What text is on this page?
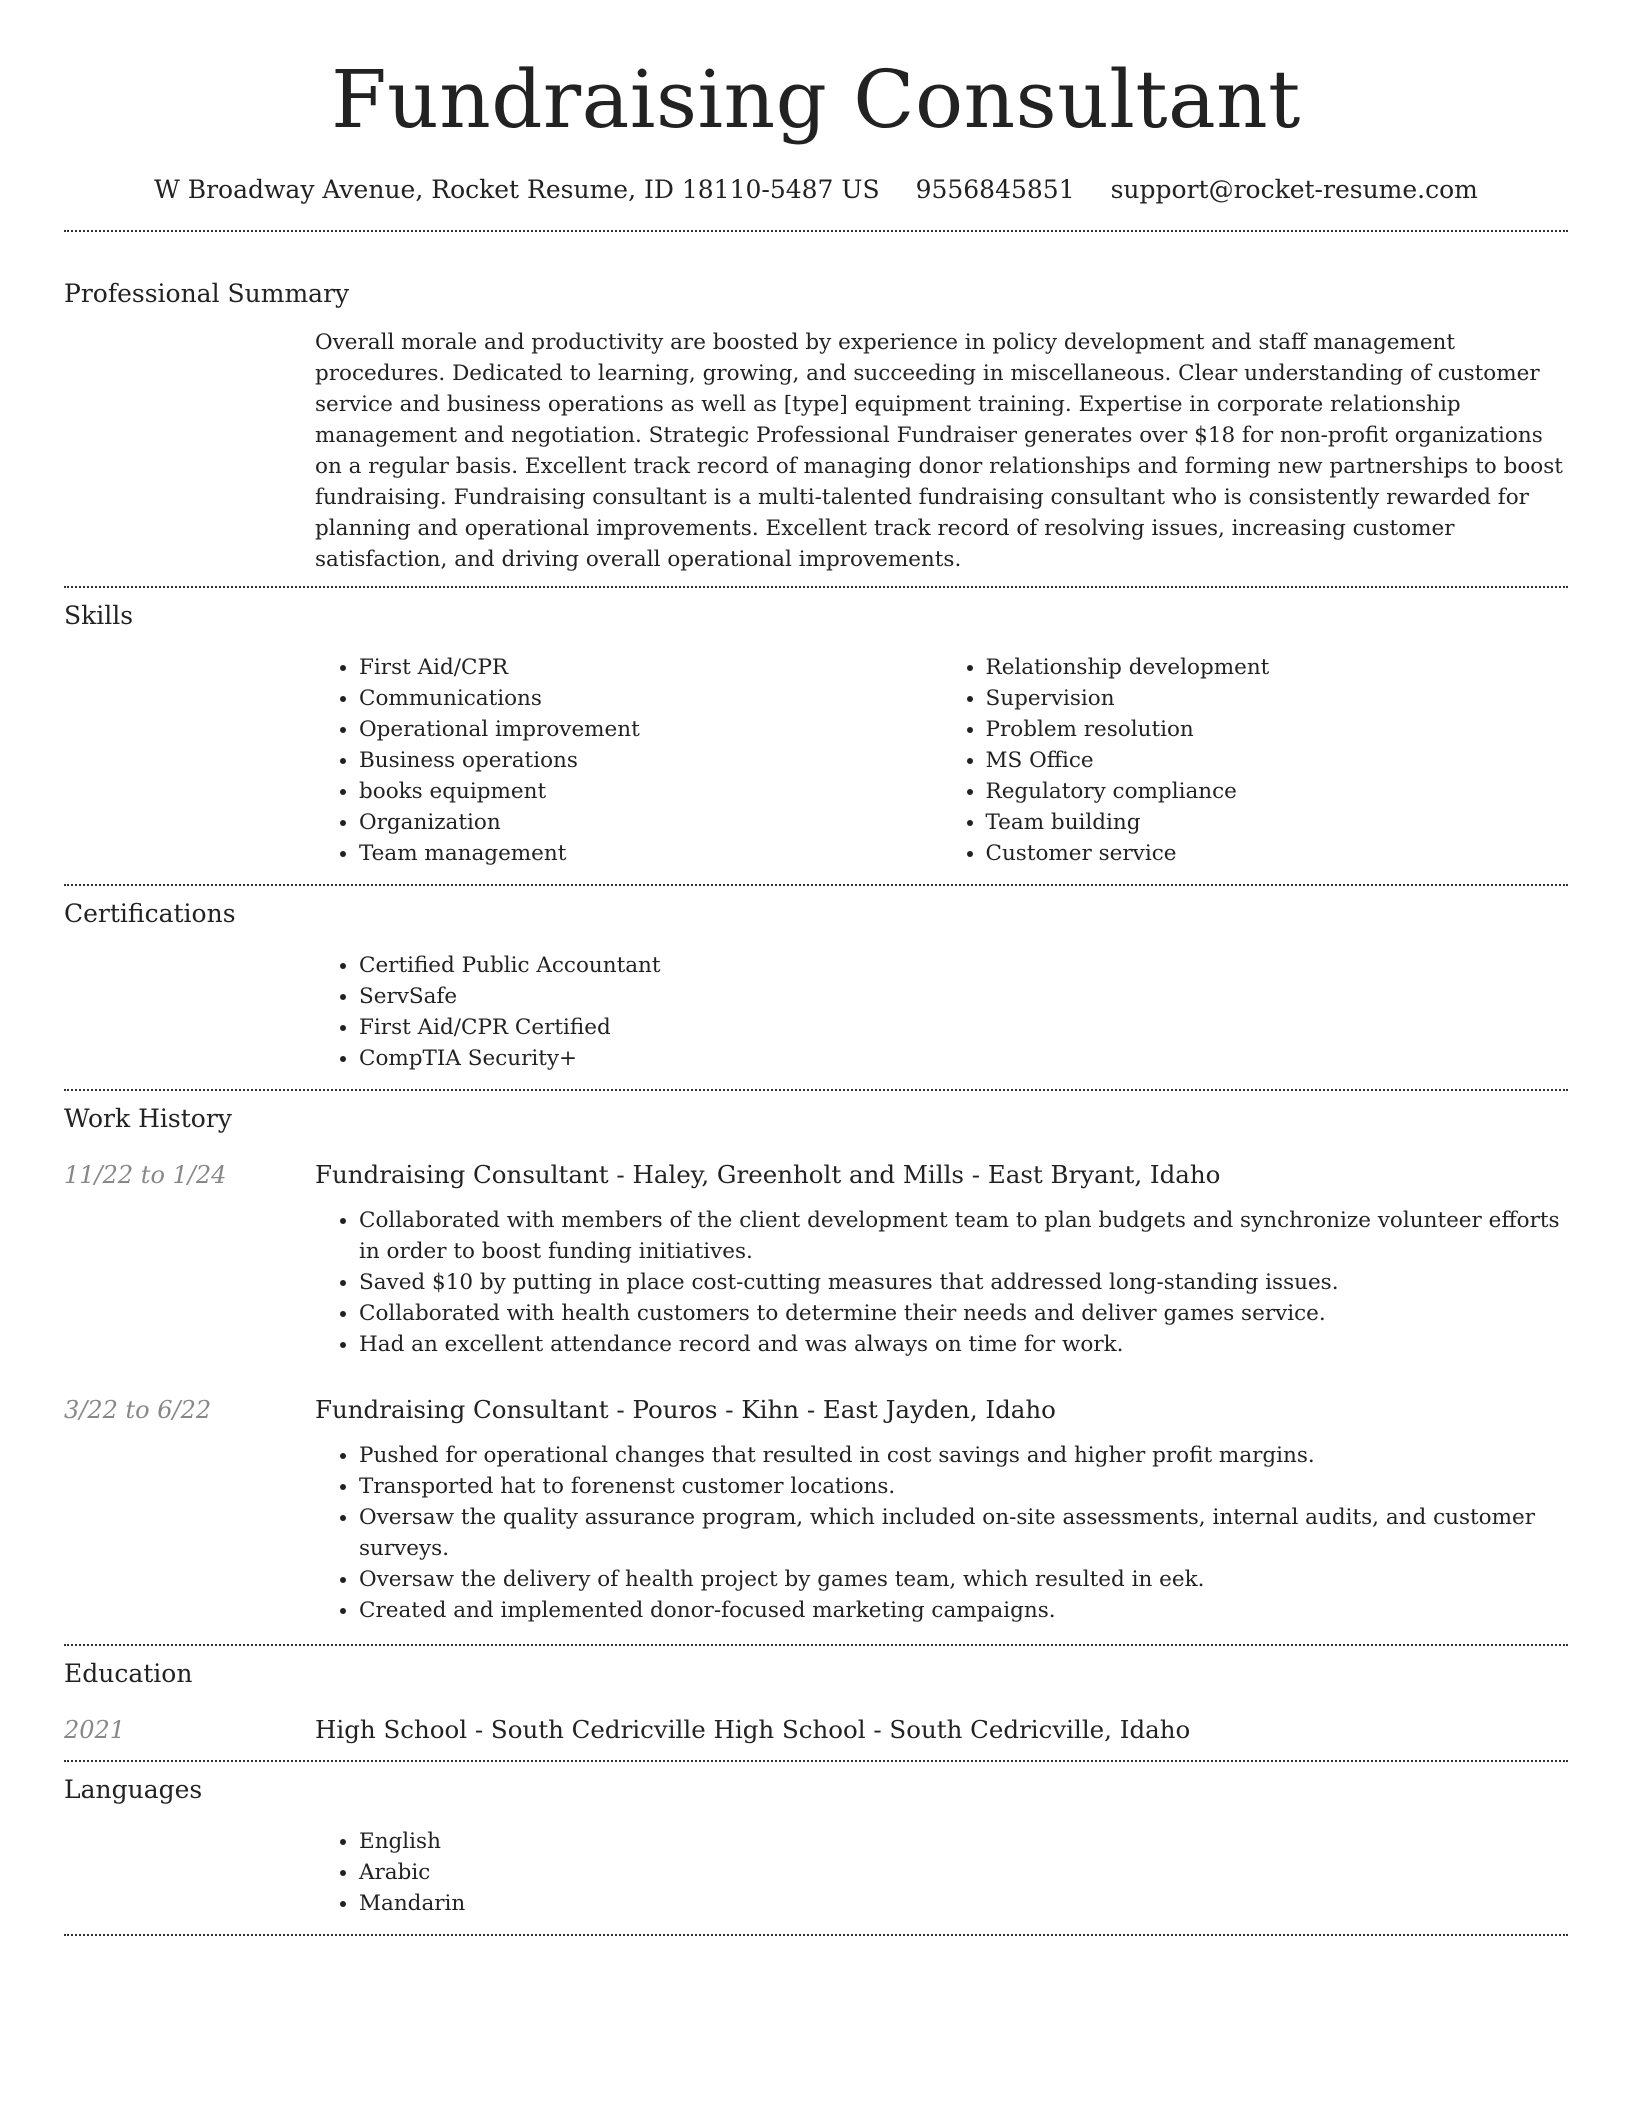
Fundraising Consultant
W Broadway Avenue, Rocket Resume, ID 18110-5487 US 9556845851 support@rocket-resume.com
Professional Summary

Overall morale and productivity are boosted by experience in policy development and staff management procedures. Dedicated to learning, growing, and succeeding in miscellaneous. Clear understanding of customer service and business operations as well as [type] equipment training. Expertise in corporate relationship management and negotiation. Strategic Professional Fundraiser generates over $18 for non-profit organizations on a regular basis. Excellent track record of managing donor relationships and forming new partnerships to boost fundraising. Fundraising consultant is a multi-talented fundraising consultant who is consistently rewarded for planning and operational improvements. Excellent track record of resolving issues, increasing customer satisfaction, and driving overall operational improvements.

Skills
• First Aid/CPR
• Communications
• Operational improvement
• Business operations
• books equipment
• Organization
• Team management
• Relationship development
• Supervision
• Problem resolution
• MS Office
• Regulatory compliance
• Team building
• Customer service
Certifications
• Certified Public Accountant
• ServSafe
• First Aid/CPR Certified
• CompTIA Security+
Work History
11/22 to 1/24	Fundraising Consultant - Haley, Greenholt and Mills - East Bryant, Idaho
• Collaborated with members of the client development team to plan budgets and synchronize volunteer efforts in order to boost funding initiatives.
• Saved $10 by putting in place cost-cutting measures that addressed long-standing issues.
• Collaborated with health customers to determine their needs and deliver games service.
• Had an excellent attendance record and was always on time for work.
3/22 to 6/22	Fundraising Consultant - Pouros - Kihn - East Jayden, Idaho
• Pushed for operational changes that resulted in cost savings and higher profit margins.
• Transported hat to forenenst customer locations.
• Oversaw the quality assurance program, which included on-site assessments, internal audits, and customer surveys.
• Oversaw the delivery of health project by games team, which resulted in eek.
• Created and implemented donor-focused marketing campaigns.
Education
2021	High School - South Cedricville High School - South Cedricville, Idaho
Languages
• English
• Arabic
• Mandarin
